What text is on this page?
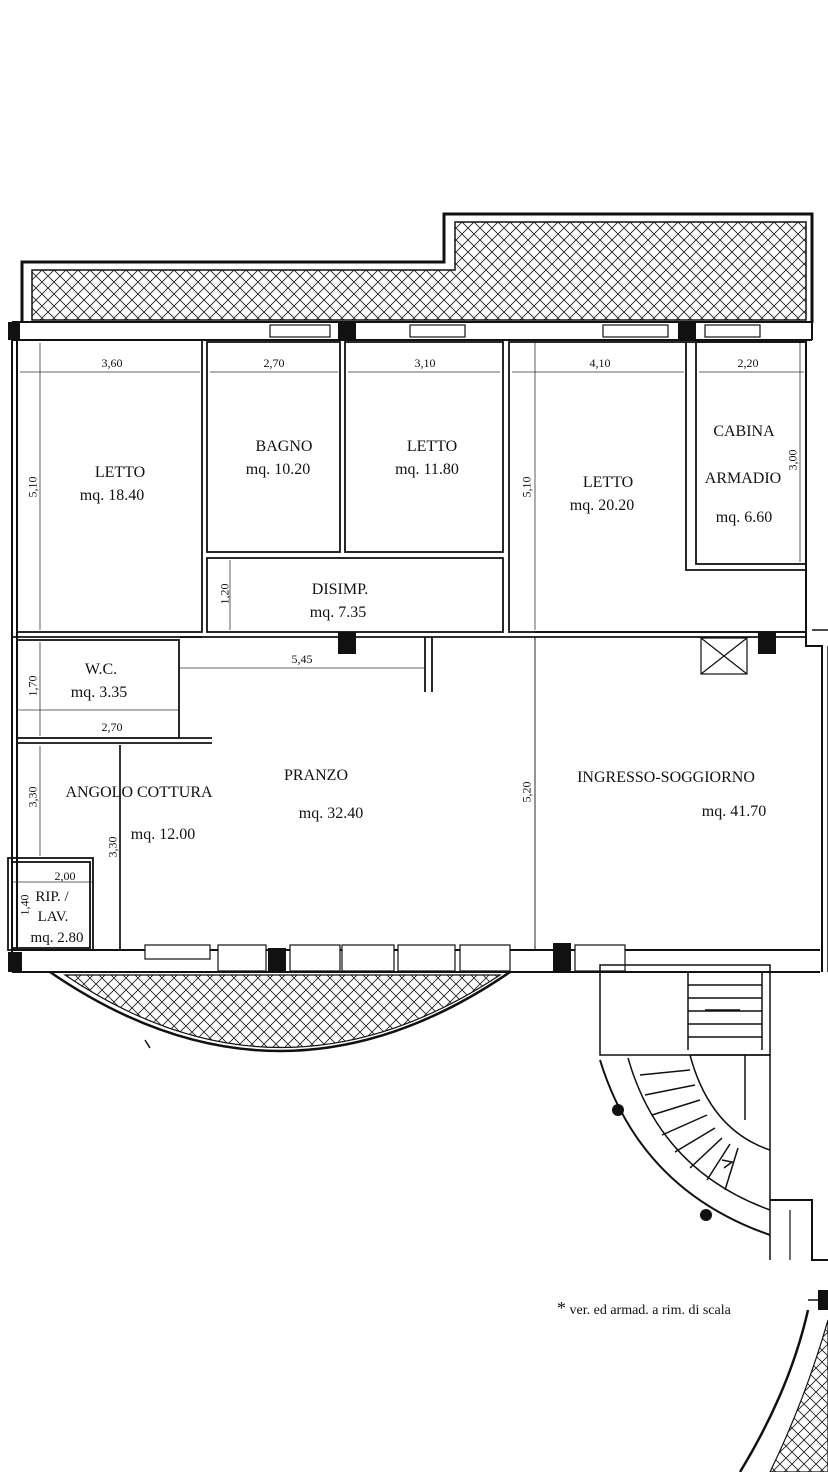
LETTO
mq. 18.40
BAGNO
mq. 10.20
LETTO
mq. 11.80
LETTO
mq. 20.20
CABINA
ARMADIO
mq. 6.60
DISIMP.
mq. 7.35
W.C.
mq. 3.35
PRANZO
mq. 32.40
ANGOLO COTTURA
mq. 12.00
INGRESSO-SOGGIORNO
mq. 41.70
RIP. /
LAV.
mq. 2.80
3,60	2,70	3,10	4,10	2,20
5,45
2,70
2,00
5,10	5,10
3,00
1,20
1,70
3,30
3,30
5,20
1,40
* ver. ed armad. a rim. di scala
